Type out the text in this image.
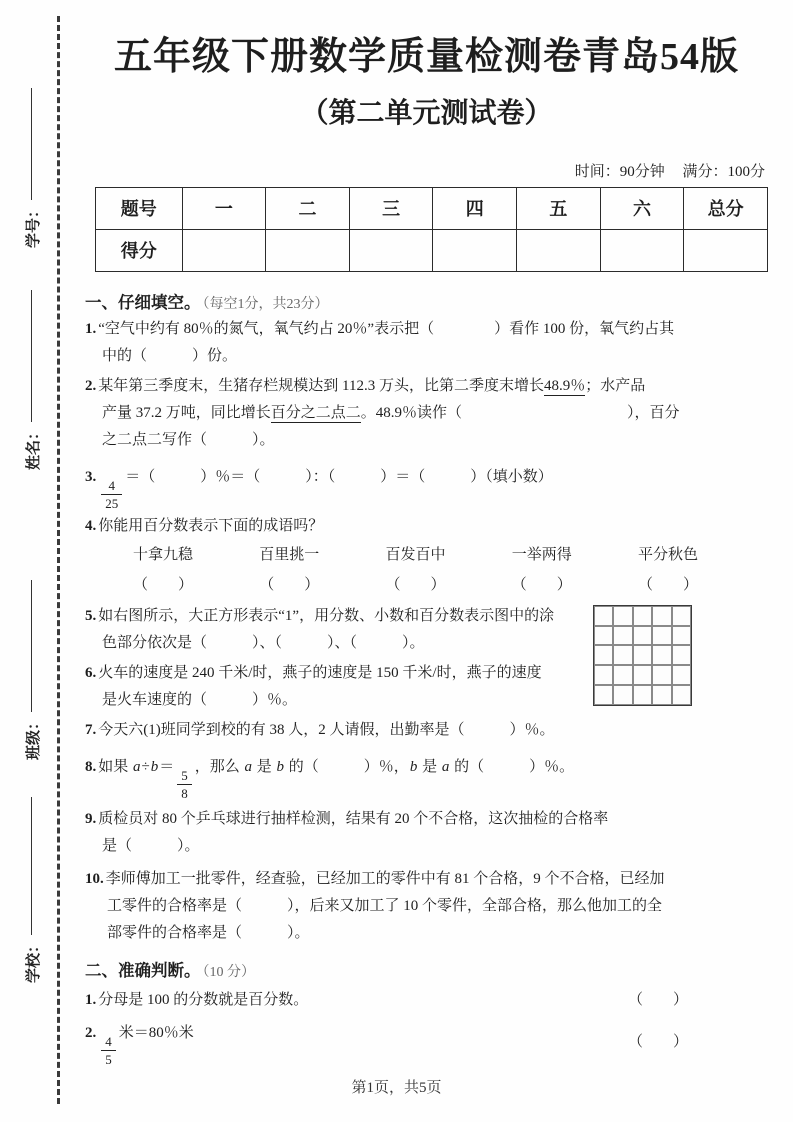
学号：
姓名：
班级：
学校：
五年级下册数学质量检测卷青岛54版
（第二单元测试卷）
时间：90分钟 满分：100分
题号	一	二	三	四	五	六	总分
得分							
一、仔细填空。 （每空1分，共23分）
1. “空气中约有 80％的氮气，氧气约占 20％”表示把（　　　　）看作 100 份，氧气约占其
中的（　　　）份。
2. 某年第三季度末，生猪存栏规模达到 112.3 万头，比第二季度末增长48.9％；水产品
产量 37.2 万吨，同比增长百分之二点二。48.9％读作（　　　　　　　　　　　），百分
之二点二写作（　　　）。
3.
$\frac{4}{25}$
＝（　　　）％＝（　　　）：（　　　）＝（　　　）（填小数）
4. 你能用百分数表示下面的成语吗？
十拿九稳	百里挑一	百发百中	一举两得	平分秋色
（　　）	（　　）	（　　）	（　　）	（　　）
5. 如右图所示，大正方形表示“1”，用分数、小数和百分数表示图中的涂
色部分依次是（　　　）、（　　　）、（　　　）。
6. 火车的速度是 240 千米/时，燕子的速度是 150 千米/时，燕子的速度
是火车速度的（　　　）％。
7. 今天六(1)班同学到校的有 38 人，2 人请假，出勤率是（　　　）％。
8. 如果 a÷b＝
$\frac{5}{8}$
，那么 a 是 b 的（　　　）％，b 是 a 的（　　　）％。
9. 质检员对 80 个乒乓球进行抽样检测，结果有 20 个不合格，这次抽检的合格率
是（　　　）。
10. 李师傅加工一批零件，经查验，已经加工的零件中有 81 个合格，9 个不合格，已经加
工零件的合格率是（　　　），后来又加工了 10 个零件，全部合格，那么他加工的全
部零件的合格率是（　　　）。
二、准确判断。 （10 分）
1. 分母是 100 的分数就是百分数。	（　　）
2.
$\frac{4}{5}$
米＝80％米
（　　）
第1页，共5页
